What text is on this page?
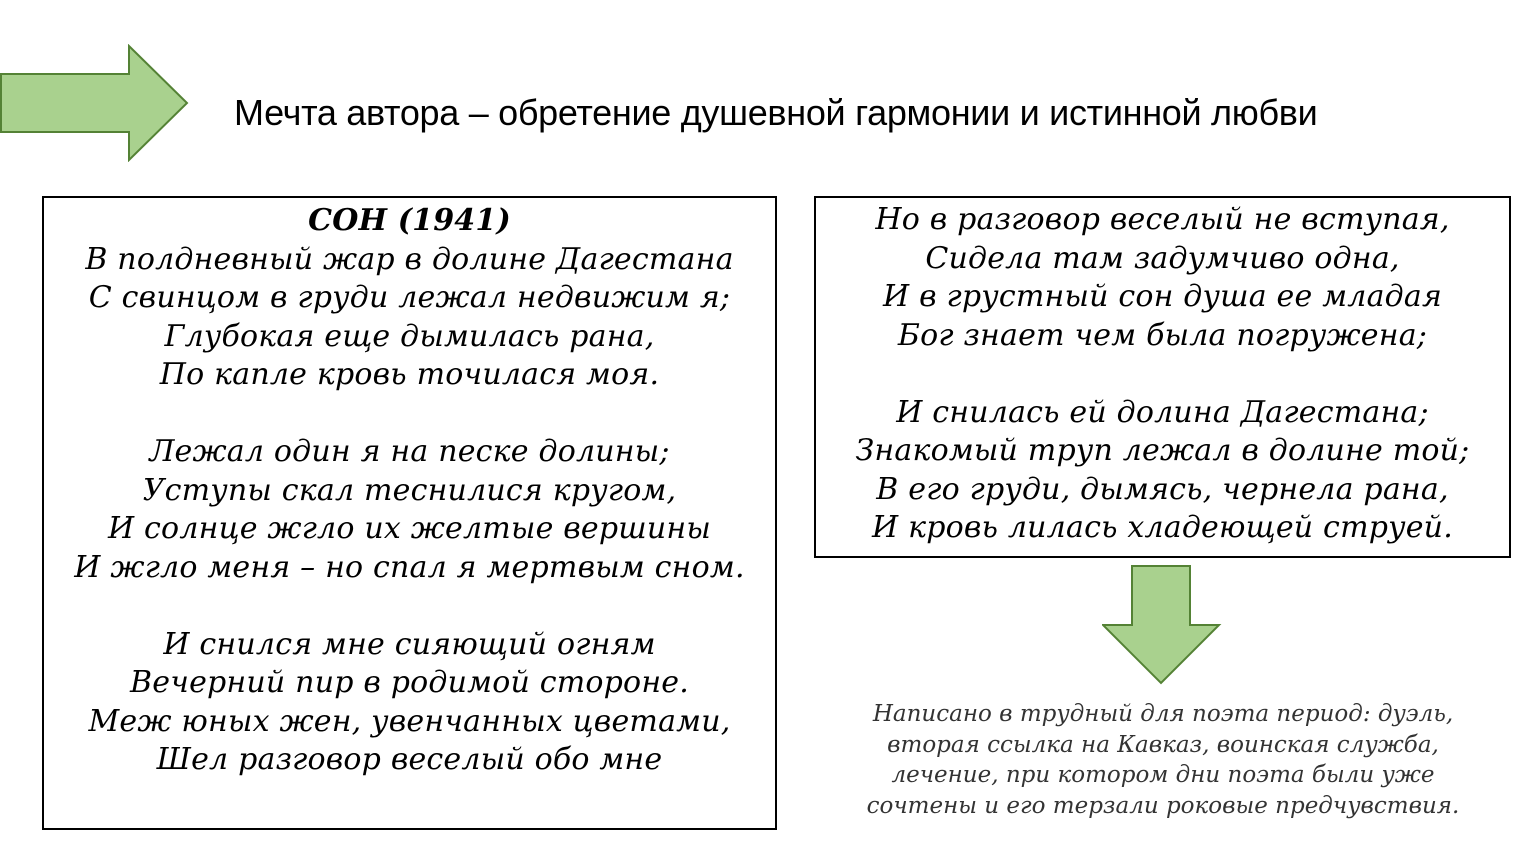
Мечта автора – обретение душевной гармонии и истинной любви
СОН (1941)
В полдневный жар в долине Дагестана
С свинцом в груди лежал недвижим я;
Глубокая еще дымилась рана,
По капле кровь точилася моя.
Лежал один я на песке долины;
Уступы скал теснилися кругом,
И солнце жгло их желтые вершины
И жгло меня – но спал я мертвым сном.
И снился мне сияющий огням
Вечерний пир в родимой стороне.
Меж юных жен, увенчанных цветами,
Шел разговор веселый обо мне
Но в разговор веселый не вступая,
Сидела там задумчиво одна,
И в грустный сон душа ее младая
Бог знает чем была погружена;
И снилась ей долина Дагестана;
Знакомый труп лежал в долине той;
В его груди, дымясь, чернела рана,
И кровь лилась хладеющей струей.
Написано в трудный для поэта период: дуэль,
вторая ссылка на Кавказ, воинская служба,
лечение, при котором дни поэта были уже
сочтены и его терзали роковые предчувствия.
